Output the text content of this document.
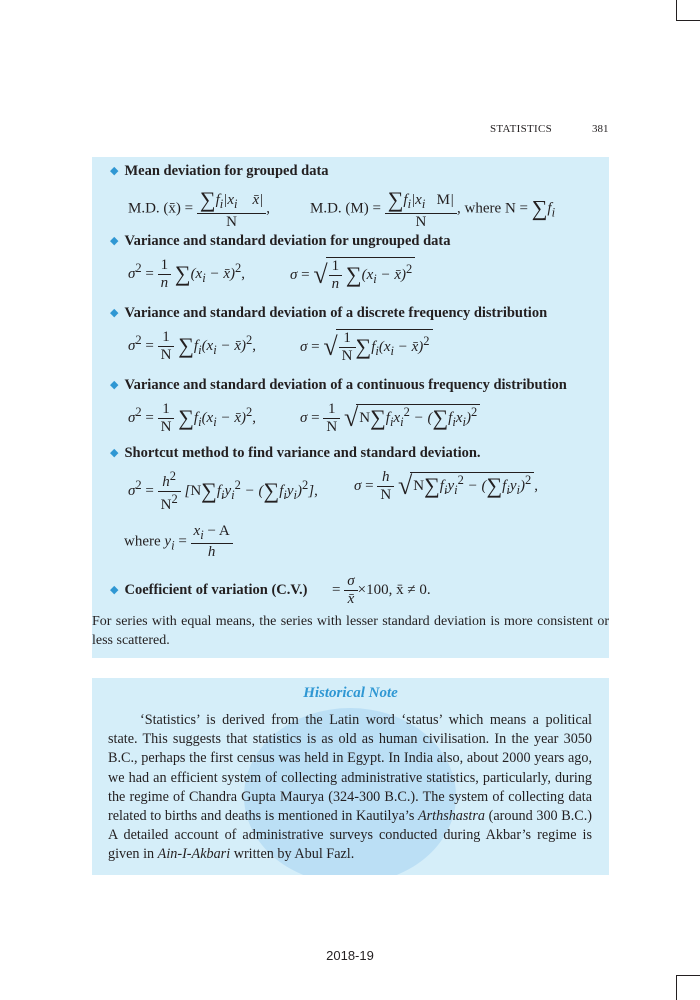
STATISTICS	381
◆ Mean deviation for grouped data
M.D. (x̄) = $\frac{\sum f_i|x_i x̄|}{N}$ ,	M.D. $(M) = \frac{\sum f_i|x_i M|}{N}$ , where $N = \sum f_i$
◆ Variance and standard deviation for ungrouped data
$\sigma^2 = \frac{1}{n} \sum(x_i$ − x̄)$^2$,	σ = √ $\frac{1}{n} \sum(x_i$ − x̄)$^2$
◆ Variance and standard deviation of a discrete frequency distribution
$\sigma^2 = \frac{1}{N} \sum f_i(x_i$ − x̄)$^2$,	σ = √ $\frac{1}{N} \sum f_i(x_i$ − x̄)$^2$
◆ Variance and standard deviation of a continuous frequency distribution
$\sigma^2 = \frac{1}{N} \sum f_i(x_i$ − x̄)$^2$,	$\sigma = \frac{1}{N} √N\sum f_ix_i^2 - (\sum f_ix_i)^2$
◆ Shortcut method to find variance and standard deviation.
$\sigma^2 = \frac{h^2}{N^2} [N\sum f_iy_i^2 - (\sum f_iy_i)^2]$, $\sigma = \frac{h}{N} √N\sum f_iy_i^2 - (\sum f_iy_i)^2$ ,
where $y_i = \frac{x_i - A}{h}$
◆ Coefficient of variation $(C.V.) = \frac{\sigma}{x̄} \times 100$, x̄ ≠ 0.
For series with equal means, the series with lesser standard deviation is more consistent or less scattered.
Historical Note
‘Statistics’ is derived from the Latin word ‘status’ which means a political state. This suggests that statistics is as old as human civilisation. In the year 3050 B.C., perhaps the first census was held in Egypt. In India also, about 2000 years ago, we had an efficient system of collecting administrative statistics, particularly, during the regime of Chandra Gupta Maurya (324-300 B.C.). The system of collecting data related to births and deaths is mentioned in Kautilya’s Arthshastra (around 300 B.C.) A detailed account of administrative surveys conducted during Akbar’s regime is given in Ain-I-Akbari written by Abul Fazl.
2018-19
